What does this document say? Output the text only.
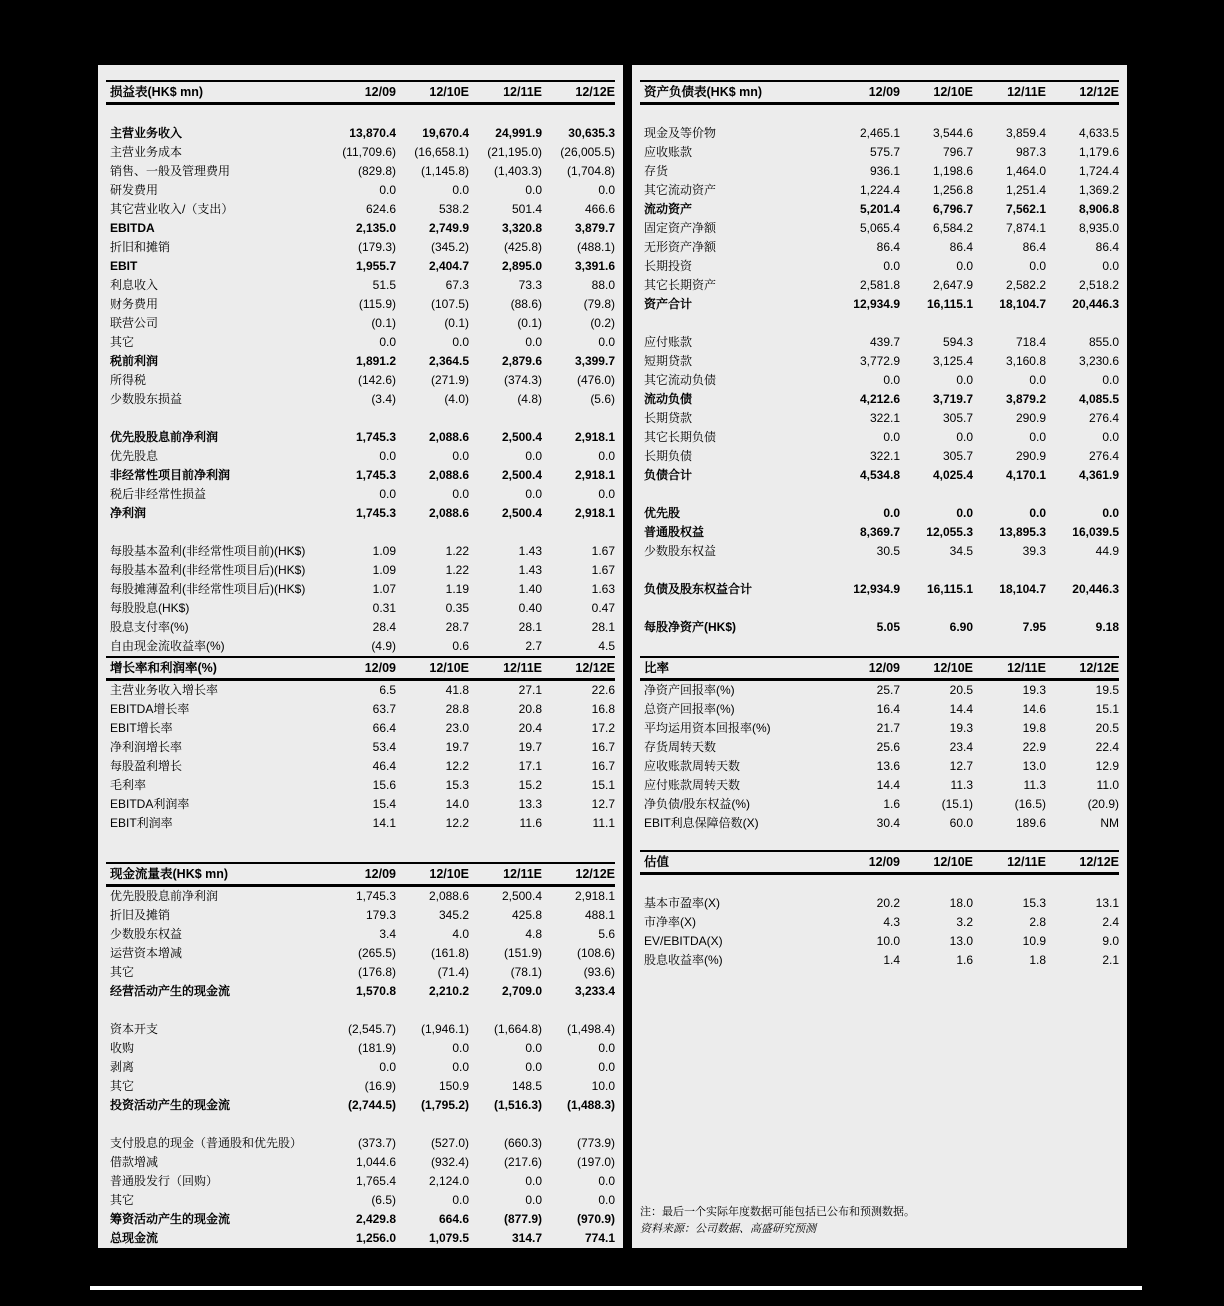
损益表(HK$ mn)	12/09	12/10E	12/11E	12/12E

主营业务收入	13,870.4	19,670.4	24,991.9	30,635.3
主营业务成本	(11,709.6)	(16,658.1)	(21,195.0)	(26,005.5)
销售、一般及管理费用	(829.8)	(1,145.8)	(1,403.3)	(1,704.8)
研发费用	0.0	0.0	0.0	0.0
其它营业收入/（支出）	624.6	538.2	501.4	466.6
EBITDA	2,135.0	2,749.9	3,320.8	3,879.7
折旧和摊销	(179.3)	(345.2)	(425.8)	(488.1)
EBIT	1,955.7	2,404.7	2,895.0	3,391.6
利息收入	51.5	67.3	73.3	88.0
财务费用	(115.9)	(107.5)	(88.6)	(79.8)
联营公司	(0.1)	(0.1)	(0.1)	(0.2)
其它	0.0	0.0	0.0	0.0
税前利润	1,891.2	2,364.5	2,879.6	3,399.7
所得税	(142.6)	(271.9)	(374.3)	(476.0)
少数股东损益	(3.4)	(4.0)	(4.8)	(5.6)

优先股股息前净利润	1,745.3	2,088.6	2,500.4	2,918.1
优先股息	0.0	0.0	0.0	0.0
非经常性项目前净利润	1,745.3	2,088.6	2,500.4	2,918.1
税后非经常性损益	0.0	0.0	0.0	0.0
净利润	1,745.3	2,088.6	2,500.4	2,918.1

每股基本盈利(非经常性项目前)(HK$)	1.09	1.22	1.43	1.67
每股基本盈利(非经常性项目后)(HK$)	1.09	1.22	1.43	1.67
每股摊薄盈利(非经常性项目后)(HK$)	1.07	1.19	1.40	1.63
每股股息(HK$)	0.31	0.35	0.40	0.47
股息支付率(%)	28.4	28.7	28.1	28.1
自由现金流收益率(%)	(4.9)	0.6	2.7	4.5
增长率和利润率(%)	12/09	12/10E	12/11E	12/12E
主营业务收入增长率	6.5	41.8	27.1	22.6
EBITDA增长率	63.7	28.8	20.8	16.8
EBIT增长率	66.4	23.0	20.4	17.2
净利润增长率	53.4	19.7	19.7	16.7
每股盈利增长	46.4	12.2	17.1	16.7
毛利率	15.6	15.3	15.2	15.1
EBITDA利润率	15.4	14.0	13.3	12.7
EBIT利润率	14.1	12.2	11.6	11.1
现金流量表(HK$ mn)	12/09	12/10E	12/11E	12/12E
优先股股息前净利润	1,745.3	2,088.6	2,500.4	2,918.1
折旧及摊销	179.3	345.2	425.8	488.1
少数股东权益	3.4	4.0	4.8	5.6
运营资本增减	(265.5)	(161.8)	(151.9)	(108.6)
其它	(176.8)	(71.4)	(78.1)	(93.6)
经营活动产生的现金流	1,570.8	2,210.2	2,709.0	3,233.4

资本开支	(2,545.7)	(1,946.1)	(1,664.8)	(1,498.4)
收购	(181.9)	0.0	0.0	0.0
剥离	0.0	0.0	0.0	0.0
其它	(16.9)	150.9	148.5	10.0
投资活动产生的现金流	(2,744.5)	(1,795.2)	(1,516.3)	(1,488.3)

支付股息的现金（普通股和优先股）	(373.7)	(527.0)	(660.3)	(773.9)
借款增减	1,044.6	(932.4)	(217.6)	(197.0)
普通股发行（回购）	1,765.4	2,124.0	0.0	0.0
其它	(6.5)	0.0	0.0	0.0
筹资活动产生的现金流	2,429.8	664.6	(877.9)	(970.9)
总现金流	1,256.0	1,079.5	314.7	774.1
资产负债表(HK$ mn)	12/09	12/10E	12/11E	12/12E

现金及等价物	2,465.1	3,544.6	3,859.4	4,633.5
应收账款	575.7	796.7	987.3	1,179.6
存货	936.1	1,198.6	1,464.0	1,724.4
其它流动资产	1,224.4	1,256.8	1,251.4	1,369.2
流动资产	5,201.4	6,796.7	7,562.1	8,906.8
固定资产净额	5,065.4	6,584.2	7,874.1	8,935.0
无形资产净额	86.4	86.4	86.4	86.4
长期投资	0.0	0.0	0.0	0.0
其它长期资产	2,581.8	2,647.9	2,582.2	2,518.2
资产合计	12,934.9	16,115.1	18,104.7	20,446.3

应付账款	439.7	594.3	718.4	855.0
短期贷款	3,772.9	3,125.4	3,160.8	3,230.6
其它流动负债	0.0	0.0	0.0	0.0
流动负债	4,212.6	3,719.7	3,879.2	4,085.5
长期贷款	322.1	305.7	290.9	276.4
其它长期负债	0.0	0.0	0.0	0.0
长期负债	322.1	305.7	290.9	276.4
负债合计	4,534.8	4,025.4	4,170.1	4,361.9

优先股	0.0	0.0	0.0	0.0
普通股权益	8,369.7	12,055.3	13,895.3	16,039.5
少数股东权益	30.5	34.5	39.3	44.9

负债及股东权益合计	12,934.9	16,115.1	18,104.7	20,446.3

每股净资产(HK$)	5.05	6.90	7.95	9.18

比率	12/09	12/10E	12/11E	12/12E
净资产回报率(%)	25.7	20.5	19.3	19.5
总资产回报率(%)	16.4	14.4	14.6	15.1
平均运用资本回报率(%)	21.7	19.3	19.8	20.5
存货周转天数	25.6	23.4	22.9	22.4
应收账款周转天数	13.6	12.7	13.0	12.9
应付账款周转天数	14.4	11.3	11.3	11.0
净负债/股东权益(%)	1.6	(15.1)	(16.5)	(20.9)
EBIT利息保障倍数(X)	30.4	60.0	189.6	NM
估值	12/09	12/10E	12/11E	12/12E

基本市盈率(X)	20.2	18.0	15.3	13.1
市净率(X)	4.3	3.2	2.8	2.4
EV/EBITDA(X)	10.0	13.0	10.9	9.0
股息收益率(%)	1.4	1.6	1.8	2.1
注：最后一个实际年度数据可能包括已公布和预测数据。
资料来源：公司数据、高盛研究预测
